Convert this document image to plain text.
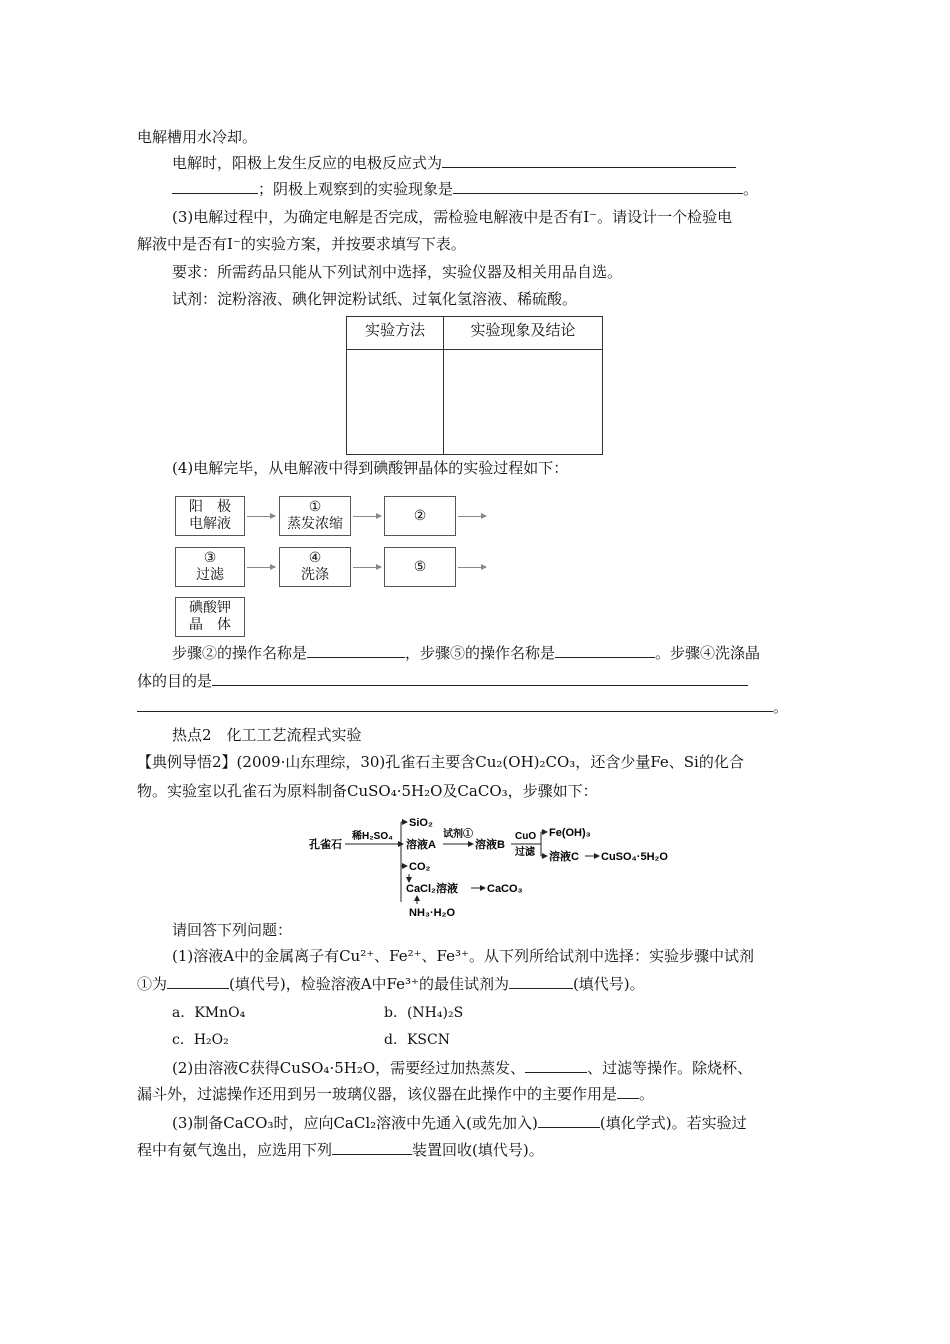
电解槽用水冷却。
电解时，阳极上发生反应的电极反应式为
；阴极上观察到的实验现象是	。
(3)电解过程中，为确定电解是否完成，需检验电解液中是否有I⁻。请设计一个检验电
解液中是否有I⁻的实验方案，并按要求填写下表。
要求：所需药品只能从下列试剂中选择，实验仪器及相关用品自选。
试剂：淀粉溶液、碘化钾淀粉试纸、过氧化氢溶液、稀硫酸。
实验方法	实验现象及结论

(4)电解完毕，从电解液中得到碘酸钾晶体的实验过程如下：
阳　极
电解液
①
蒸发浓缩	②
③
过滤
④
洗涤	⑤
碘酸钾
晶　体
步骤②的操作名称是	，步骤⑤的操作名称是	。步骤④洗涤晶
体的目的是
。
热点2　化工工艺流程式实验
【典例导悟2】(2009·山东理综，30)孔雀石主要含Cu₂(OH)₂CO₃，还含少量Fe、Si的化合
物。实验室以孔雀石为原料制备CuSO₄·5H₂O及CaCO₃，步骤如下：
孔雀石
稀H₂SO₄
SiO₂
溶液A
试剂①
溶液B
CuO
过滤
Fe(OH)₃
溶液C CuSO₄·5H₂O
CO₂
CaCl₂溶液	CaCO₃
NH₃·H₂O
请回答下列问题：
(1)溶液A中的金属离子有Cu²⁺、Fe²⁺、Fe³⁺。从下列所给试剂中选择：实验步骤中试剂
①为	(填代号)，检验溶液A中Fe³⁺的最佳试剂为	(填代号)。
a．KMnO₄	b．(NH₄)₂S
c．H₂O₂	d．KSCN
(2)由溶液C获得CuSO₄·5H₂O，需要经过加热蒸发、	、过滤等操作。除烧杯、
漏斗外，过滤操作还用到另一玻璃仪器，该仪器在此操作中的主要作用是 。
(3)制备CaCO₃时，应向CaCl₂溶液中先通入(或先加入)	(填化学式)。若实验过
程中有氨气逸出，应选用下列	装置回收(填代号)。
